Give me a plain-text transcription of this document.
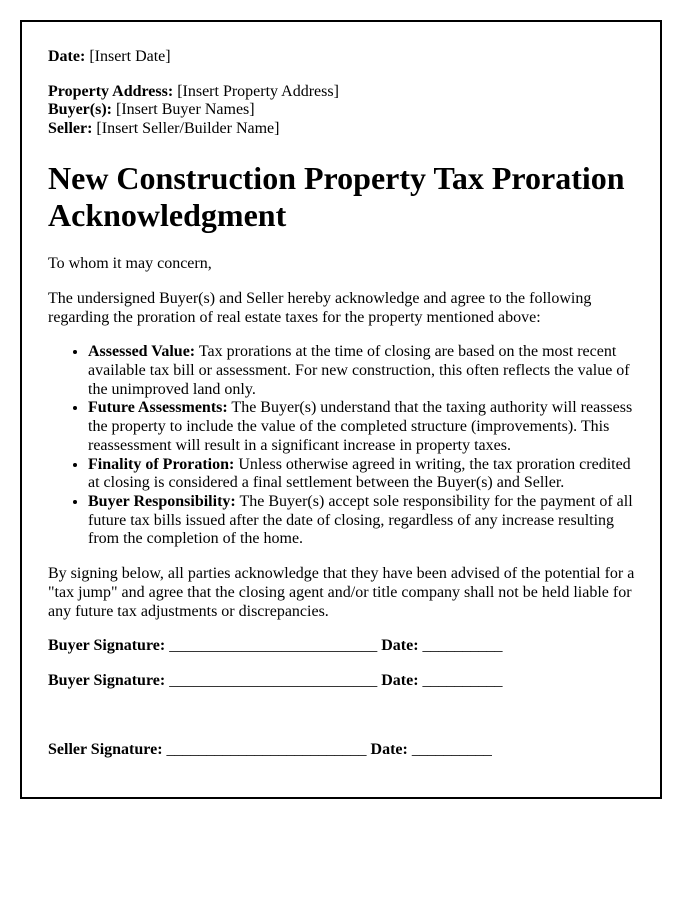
Date: [Insert Date]

Property Address: [Insert Property Address]
Buyer(s): [Insert Buyer Names]
Seller: [Insert Seller/Builder Name]

New Construction Property Tax Proration Acknowledgment

To whom it may concern,

The undersigned Buyer(s) and Seller hereby acknowledge and agree to the following regarding the proration of real estate taxes for the property mentioned above:

• Assessed Value: Tax prorations at the time of closing are based on the most recent available tax bill or assessment. For new construction, this often reflects the value of the unimproved land only.
• Future Assessments: The Buyer(s) understand that the taxing authority will reassess the property to include the value of the completed structure (improvements). This reassessment will result in a significant increase in property taxes.
• Finality of Proration: Unless otherwise agreed in writing, the tax proration credited at closing is considered a final settlement between the Buyer(s) and Seller.
• Buyer Responsibility: The Buyer(s) accept sole responsibility for the payment of all future tax bills issued after the date of closing, regardless of any increase resulting from the completion of the home.

By signing below, all parties acknowledge that they have been advised of the potential for a "tax jump" and agree that the closing agent and/or title company shall not be held liable for any future tax adjustments or discrepancies.

Buyer Signature: __________________________ Date: __________

Buyer Signature: __________________________ Date: __________

Seller Signature: _________________________ Date: __________
